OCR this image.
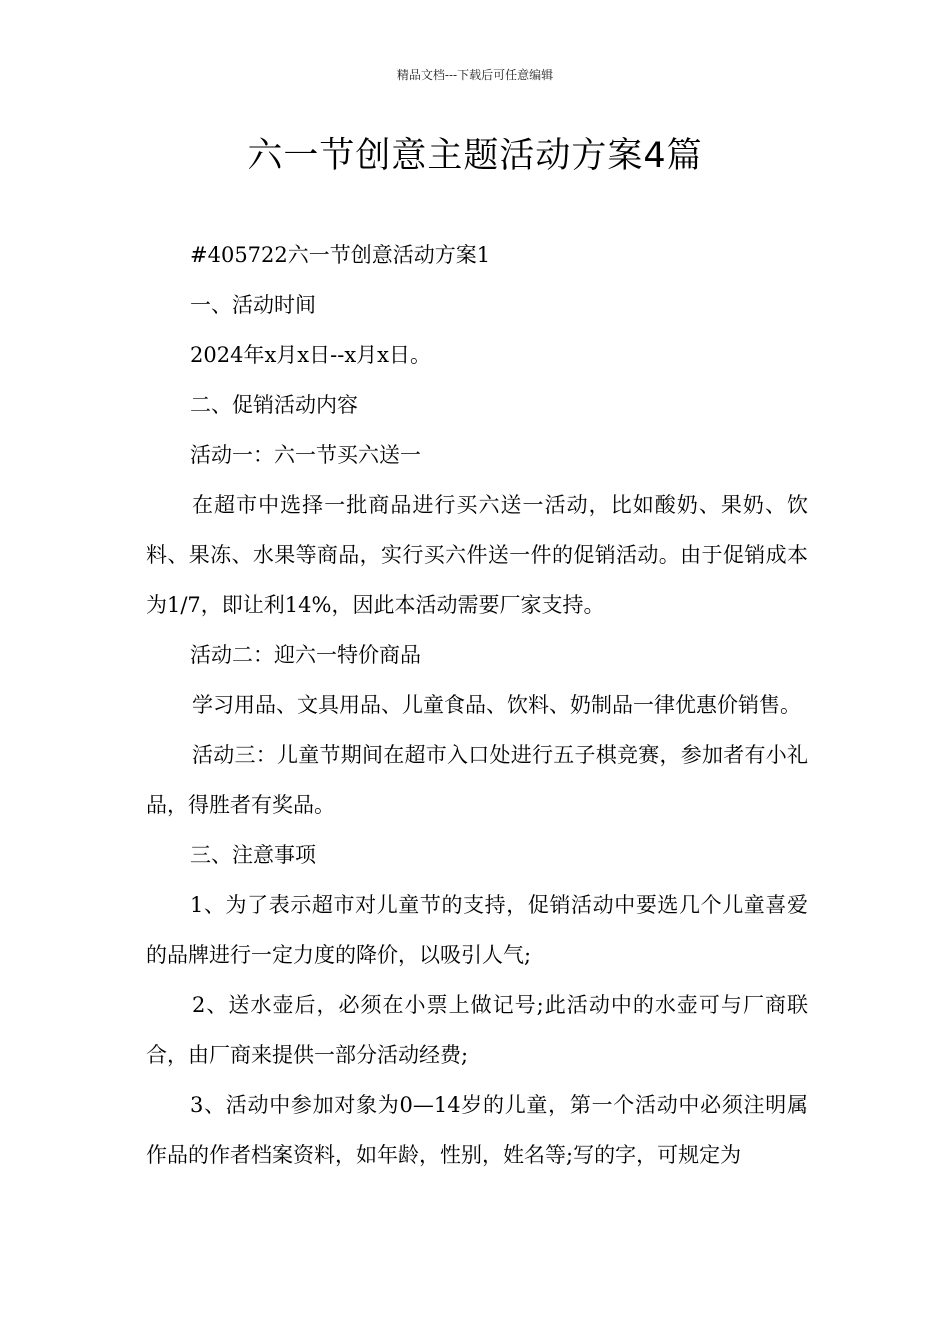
精品文档---下载后可任意编辑
六一节创意主题活动方案4篇

#405722六一节创意活动方案1

一、活动时间

2024年x月x日--x月x日。

二、促销活动内容

活动一：六一节买六送一

在超市中选择一批商品进行买六送一活动，比如酸奶、果奶、饮料、果冻、水果等商品，实行买六件送一件的促销活动。由于促销成本为1/7，即让利14%，因此本活动需要厂家支持。

活动二：迎六一特价商品

学习用品、文具用品、儿童食品、饮料、奶制品一律优惠价销售。

活动三：儿童节期间在超市入口处进行五子棋竞赛，参加者有小礼品，得胜者有奖品。

三、注意事项

1、为了表示超市对儿童节的支持，促销活动中要选几个儿童喜爱的品牌进行一定力度的降价，以吸引人气;

2、送水壶后，必须在小票上做记号;此活动中的水壶可与厂商联合，由厂商来提供一部分活动经费;

3、活动中参加对象为0—14岁的儿童，第一个活动中必须注明属作品的作者档案资料，如年龄，性别，姓名等;写的字，可规定为
